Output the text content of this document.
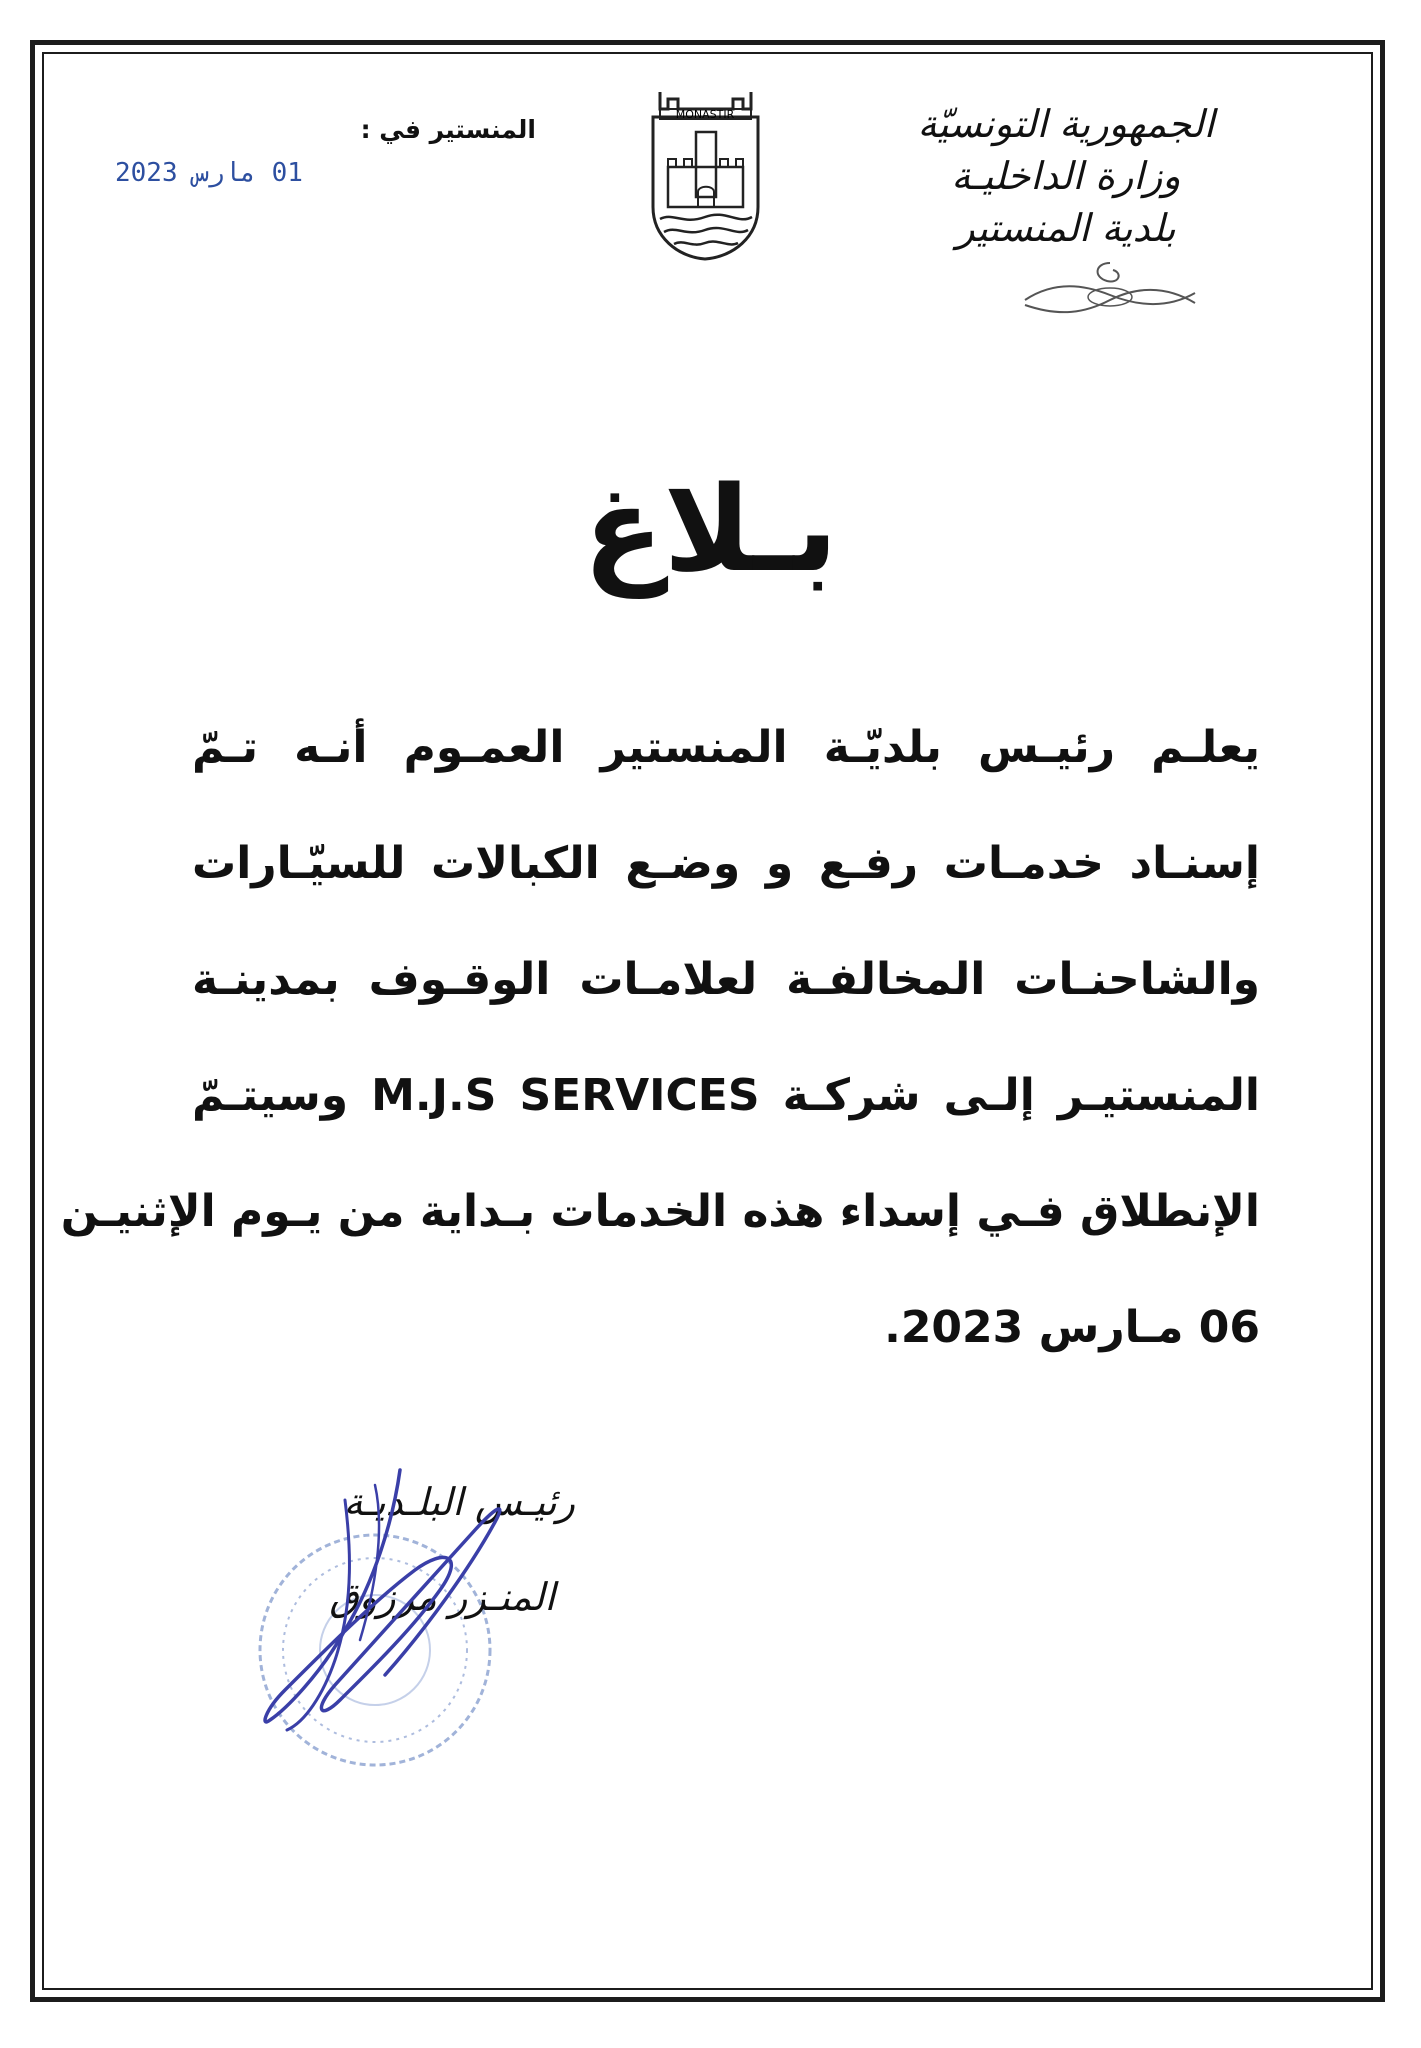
الجمهورية التونسيّة
وزارة الداخليـة
بلدية المنستير
MONASTIR
المنستير في :
01 مارس 2023
بـلاغ
يعلـم رئيـس بلديّـة المنستير العمـوم أنـه تـمّ
إسنـاد خدمـات رفـع و وضـع الكبالات للسيّـارات
والشاحنـات المخالفـة لعلامـات الوقـوف بمدينـة
المنستيـر إلـى شركـة M.J.S SERVICES وسيتـمّ
الإنطلاق فـي إسداء هذه الخدمات بـداية من يـوم الإثنيـن
06 مـارس 2023.
رئيـس البلـديـة
المنـزر مرزوق
